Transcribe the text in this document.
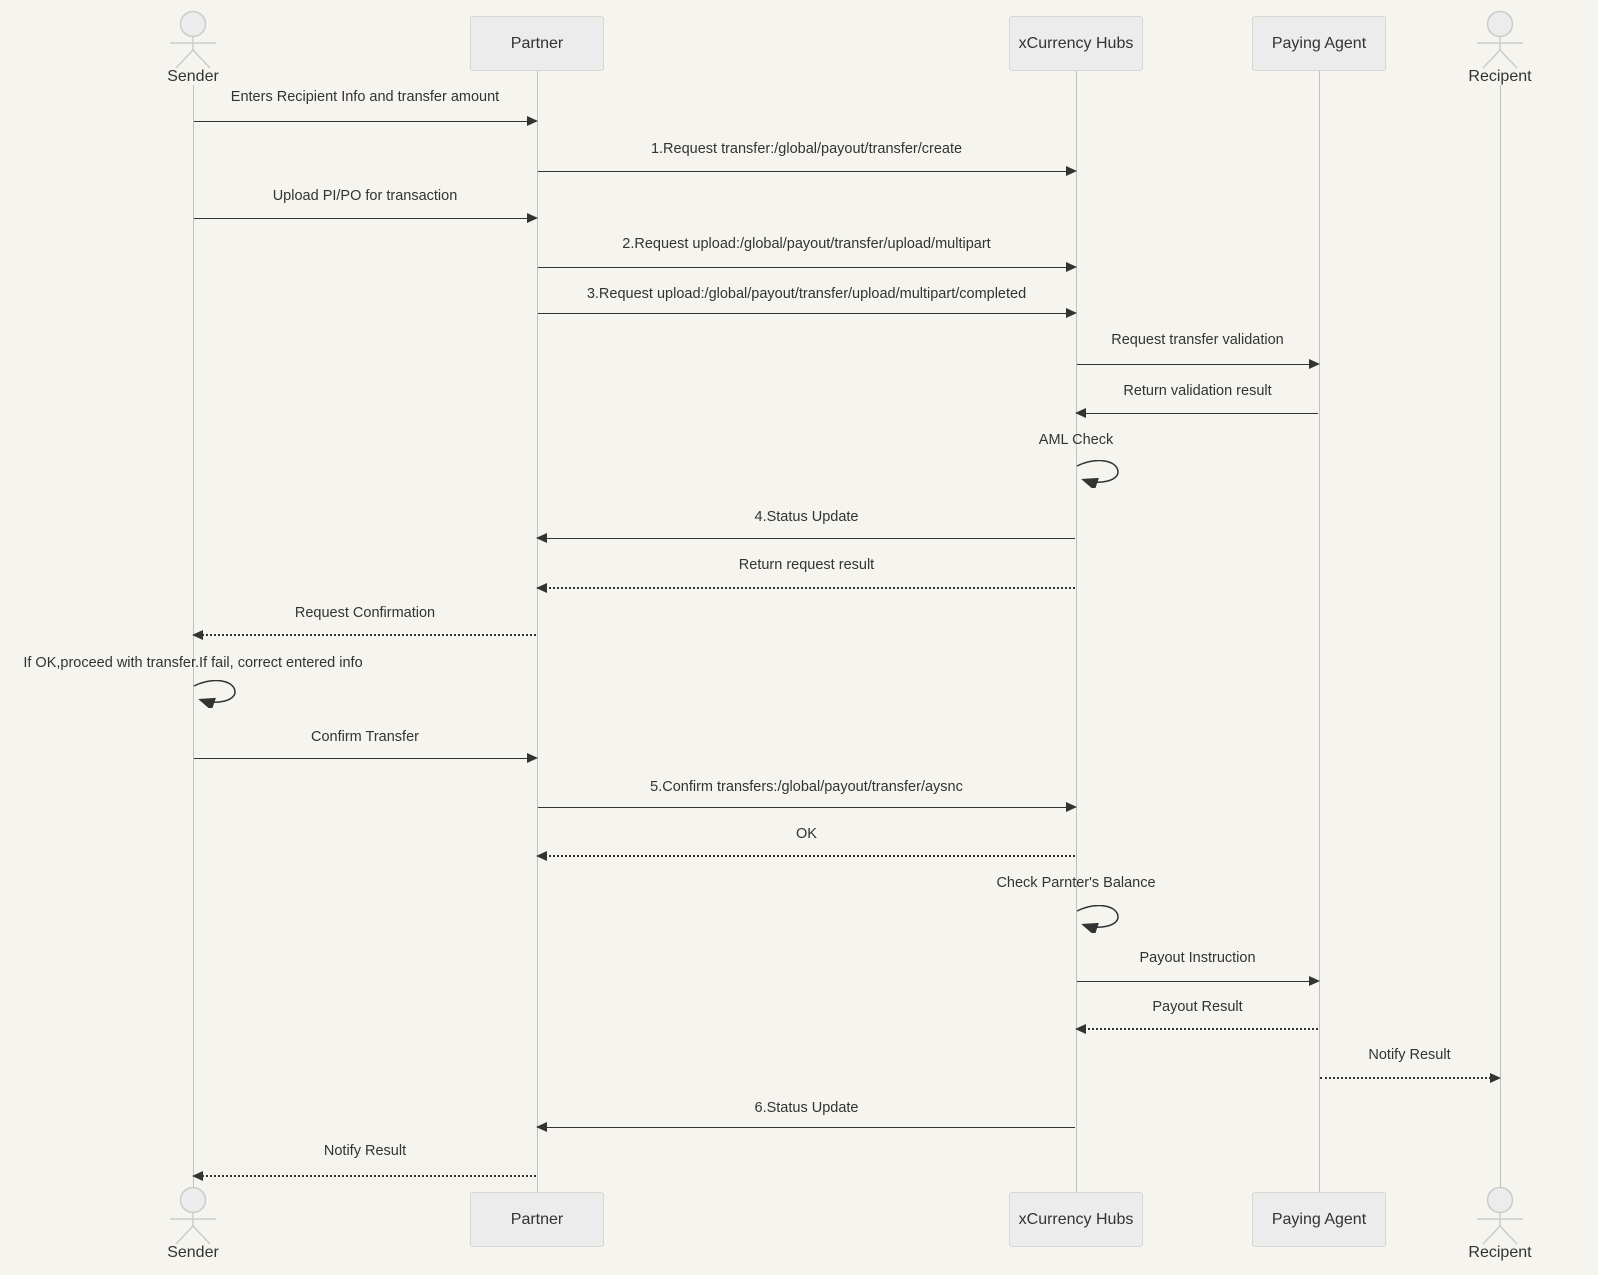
Sender
Sender
Partner
Partner
xCurrency Hubs
xCurrency Hubs
Paying Agent
Paying Agent
Recipent
Recipent
Enters Recipient Info and transfer amount
1.Request transfer:/global/payout/transfer/create
Upload PI/PO for transaction
2.Request upload:/global/payout/transfer/upload/multipart
3.Request upload:/global/payout/transfer/upload/multipart/completed
Request transfer validation
Return validation result
AML Check
4.Status Update
Return request result
Request Confirmation
If OK,proceed with transfer.If fail, correct entered info
Confirm Transfer
5.Confirm transfers:/global/payout/transfer/aysnc
OK
Check Parnter's Balance
Payout Instruction
Payout Result
Notify Result
6.Status Update
Notify Result
